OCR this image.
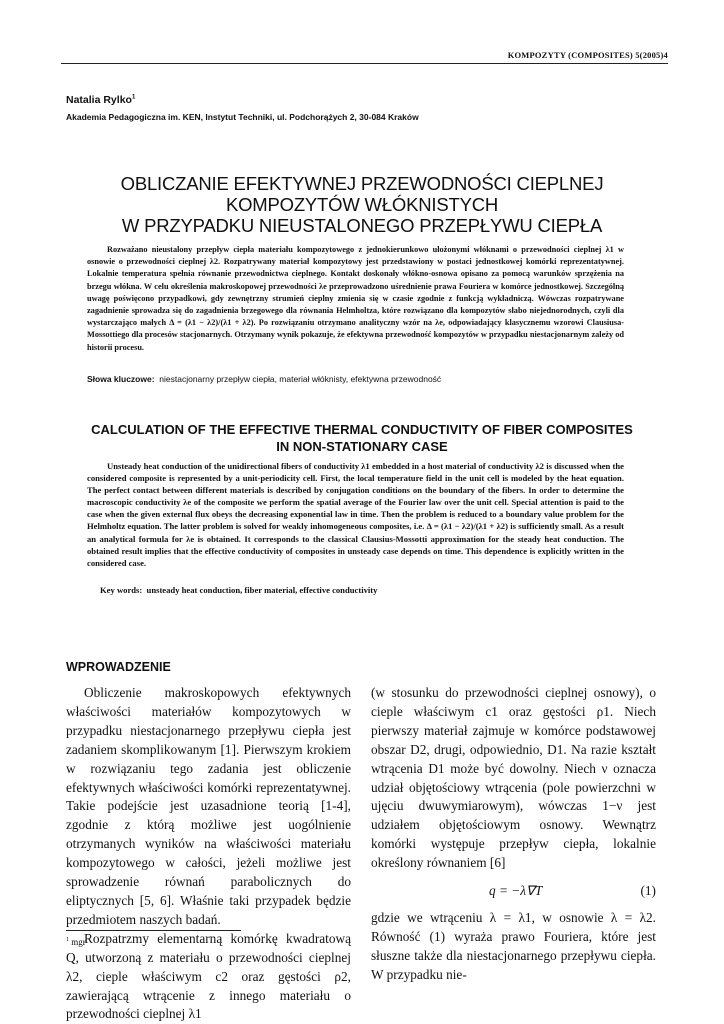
KOMPOZYTY (COMPOSITES) 5(2005)4
Natalia Rylko$^1$
Akademia Pedagogiczna im. KEN, Instytut Techniki, ul. Podchorążych 2, 30-084 Kraków
OBLICZANIE EFEKTYWNEJ PRZEWODNOŚCI CIEPLNEJ
KOMPOZYTÓW WŁÓKNISTYCH
W PRZYPADKU NIEUSTALONEGO PRZEPŁYWU CIEPŁA

Rozważano nieustalony przepływ ciepła materiału kompozytowego z jednokierunkowo ułożonymi włóknami o przewodności cieplnej λ1 w osnowie o przewodności cieplnej λ2. Rozpatrywany materiał kompozytowy jest przedstawiony w postaci jednostkowej komórki reprezentatywnej. Lokalnie temperatura spełnia równanie przewodnictwa cieplnego. Kontakt doskonały włókno-osnowa opisano za pomocą warunków sprzężenia na brzegu włókna. W celu określenia makroskopowej przewodności λe przeprowadzono uśrednienie prawa Fouriera w komórce jednostkowej. Szczególną uwagę poświęcono przypadkowi, gdy zewnętrzny strumień cieplny zmienia się w czasie zgodnie z funkcją wykładniczą. Wówczas rozpatrywane zagadnienie sprowadza się do zagadnienia brzegowego dla równania Helmholtza, które rozwiązano dla kompozytów słabo niejednorodnych, czyli dla wystarczająco małych Δ = (λ1 − λ2)/(λ1 + λ2). Po rozwiązaniu otrzymano analityczny wzór na λe, odpowiadający klasycznemu wzorowi Clausiusa-Mossottiego dla procesów stacjonarnych. Otrzymany wynik pokazuje, że efektywna przewodność kompozytów w przypadku niestacjonarnym zależy od historii procesu.

Słowa kluczowe: niestacjonarny przepływ ciepła, materiał włóknisty, efektywna przewodność
CALCULATION OF THE EFFECTIVE THERMAL CONDUCTIVITY OF FIBER COMPOSITES
IN NON-STATIONARY CASE

Unsteady heat conduction of the unidirectional fibers of conductivity λ1 embedded in a host material of conductivity λ2 is discussed when the considered composite is represented by a unit-periodicity cell. First, the local temperature field in the unit cell is modeled by the heat equation. The perfect contact between different materials is described by conjugation conditions on the boundary of the fibers. In order to determine the macroscopic conductivity λe of the composite we perform the spatial average of the Fourier law over the unit cell. Special attention is paid to the case when the given external flux obeys the decreasing exponential law in time. Then the problem is reduced to a boundary value problem for the Helmholtz equation. The latter problem is solved for weakly inhomogeneous composites, i.e. Δ = (λ1 − λ2)/(λ1 + λ2) is sufficiently small. As a result an analytical formula for λe is obtained. It corresponds to the classical Clausius-Mossotti approximation for the steady heat conduction. The obtained result implies that the effective conductivity of composites in unsteady case depends on time. This dependence is explicitly written in the considered case.

Key words: unsteady heat conduction, fiber material, effective conductivity
WPROWADZENIE

Obliczenie makroskopowych efektywnych właściwości materiałów kompozytowych w przypadku niestacjonarnego przepływu ciepła jest zadaniem skomplikowanym [1]. Pierwszym krokiem w rozwiązaniu tego zadania jest obliczenie efektywnych właściwości komórki reprezentatywnej. Takie podejście jest uzasadnione teorią [1-4], zgodnie z którą możliwe jest uogólnienie otrzymanych wyników na właściwości materiału kompozytowego w całości, jeżeli możliwe jest sprowadzenie równań parabolicznych do eliptycznych [5, 6]. Właśnie taki przypadek będzie przedmiotem naszych badań.

Rozpatrzmy elementarną komórkę kwadratową Q, utworzoną z materiału o przewodności cieplnej λ2, cieple właściwym c2 oraz gęstości ρ2, zawierającą wtrącenie z innego materiału o przewodności cieplnej λ1

(w stosunku do przewodności cieplnej osnowy), o cieple właściwym c1 oraz gęstości ρ1. Niech pierwszy materiał zajmuje w komórce podstawowej obszar D2, drugi, odpowiednio, D1. Na razie kształt wtrącenia D1 może być dowolny. Niech ν oznacza udział objętościowy wtrącenia (pole powierzchni w ujęciu dwuwymiarowym), wówczas 1−ν jest udziałem objętościowym osnowy. Wewnątrz komórki występuje przepływ ciepła, lokalnie określony równaniem [6]

q = −λ∇T	(1)

gdzie we wtrąceniu λ = λ1, w osnowie λ = λ2. Równość (1) wyraża prawo Fouriera, które jest słuszne także dla niestacjonarnego przepływu ciepła. W przypadku nie-

$^1$ mgr
